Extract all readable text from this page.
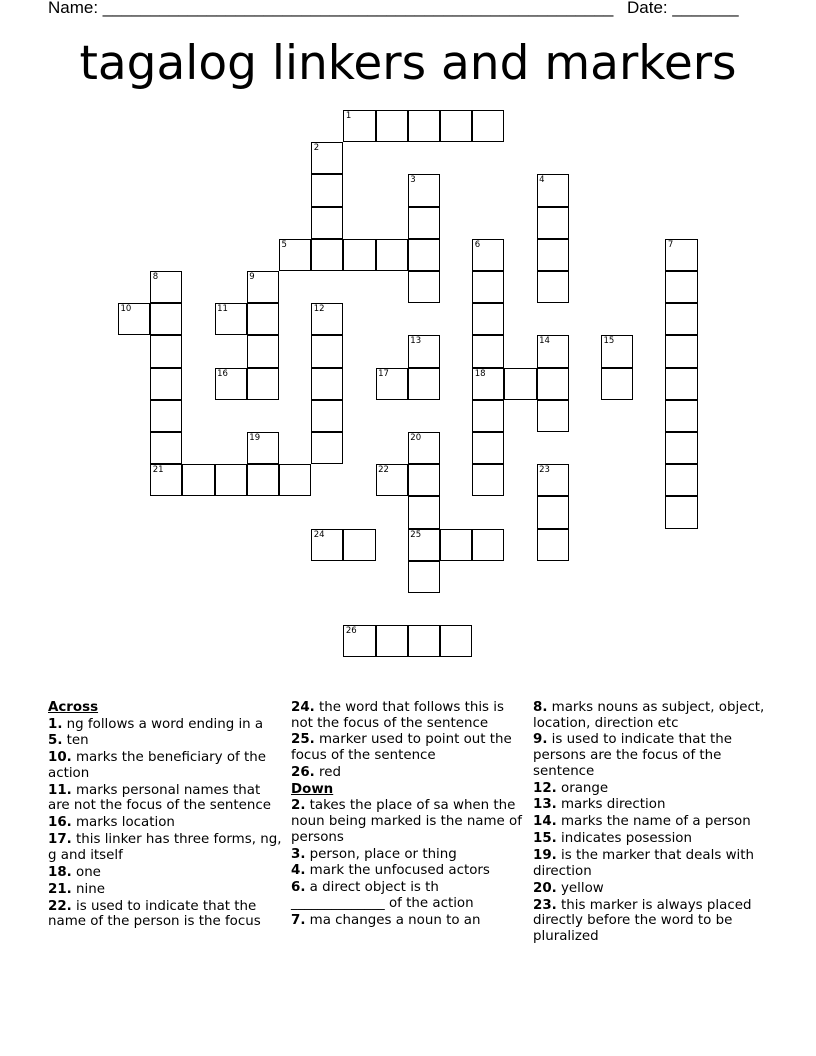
Name: ______________________________________________________ Date: _______
tagalog linkers and markers
1
2
3	4
5	6	7
8	9
10	11	12
13	14	15
16	17	18
19	20
21	22	23
24	25
26
Across
1. ng follows a word ending in a
5. ten
10. marks the beneficiary of the action
11. marks personal names that are not the focus of the sentence
16. marks location
17. this linker has three forms, ng, g and itself
18. one
21. nine
22. is used to indicate that the name of the person is the focus
24. the word that follows this is not the focus of the sentence
25. marker used to point out the focus of the sentence
26. red
Down
2. takes the place of sa when the noun being marked is the name of persons
3. person, place or thing
4. mark the unfocused actors
6. a direct object is th ______________ of the action
7. ma changes a noun to an
8. marks nouns as subject, object, location, direction etc
9. is used to indicate that the persons are the focus of the sentence
12. orange
13. marks direction
14. marks the name of a person
15. indicates posession
19. is the marker that deals with direction
20. yellow
23. this marker is always placed directly before the word to be pluralized
